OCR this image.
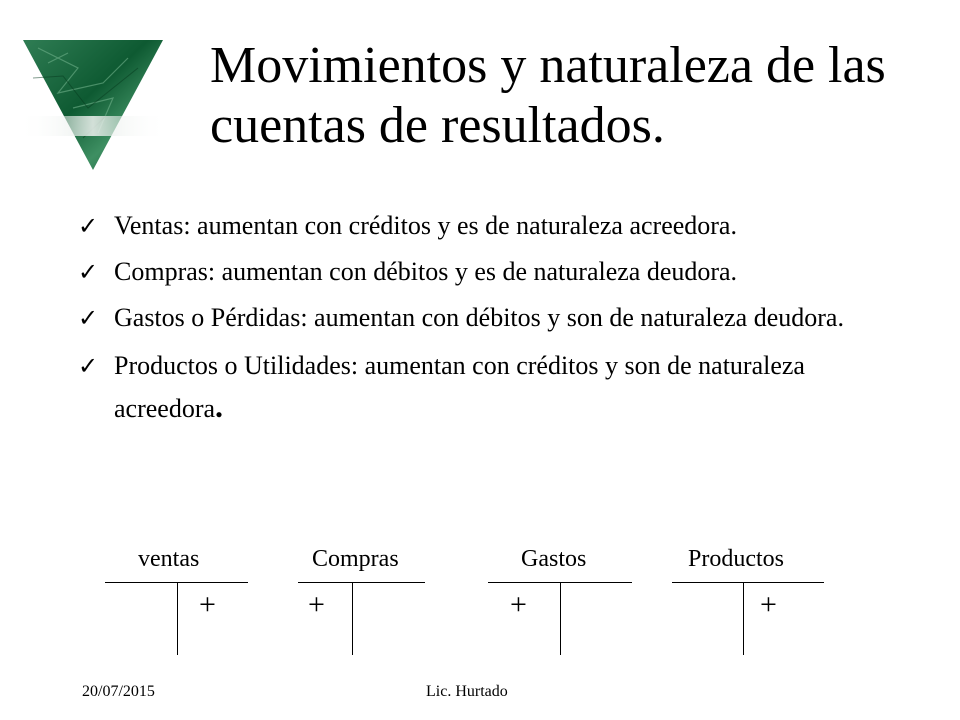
Movimientos y naturaleza de las cuentas de resultados.
✓ Ventas: aumentan con créditos y es de naturaleza acreedora.
✓ Compras: aumentan con débitos y es de naturaleza deudora.
✓ Gastos o Pérdidas: aumentan con débitos y son de naturaleza deudora.
✓ Productos o Utilidades: aumentan con créditos y son de naturaleza acreedora.
ventas
+
Compras
+
Gastos
+
Productos
+
20/07/2015	Lic. Hurtado
